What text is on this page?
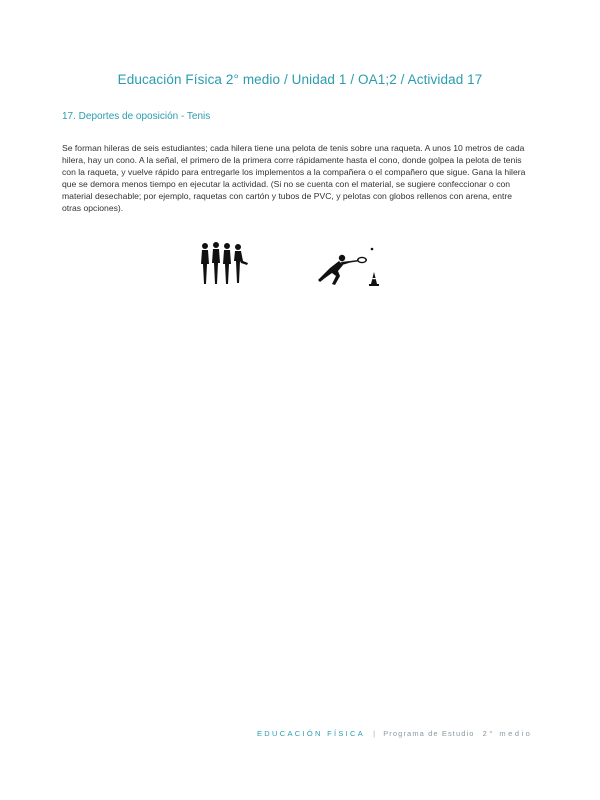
Educación Física 2° medio / Unidad 1 / OA1;2 / Actividad 17
17. Deportes de oposición - Tenis

Se forman hileras de seis estudiantes; cada hilera tiene una pelota de tenis sobre una raqueta. A unos 10 metros de cada hilera, hay un cono. A la señal, el primero de la primera corre rápidamente hasta el cono, donde golpea la pelota de tenis con la raqueta, y vuelve rápido para entregarle los implementos a la compañera o el compañero que sigue. Gana la hilera que se demora menos tiempo en ejecutar la actividad. (Si no se cuenta con el material, se sugiere confeccionar o con material desechable; por ejemplo, raquetas con cartón y tubos de PVC, y pelotas con globos rellenos con arena, entre otras opciones).

EDUCACIÓN FÍSICA | Programa de Estudio 2° medio
